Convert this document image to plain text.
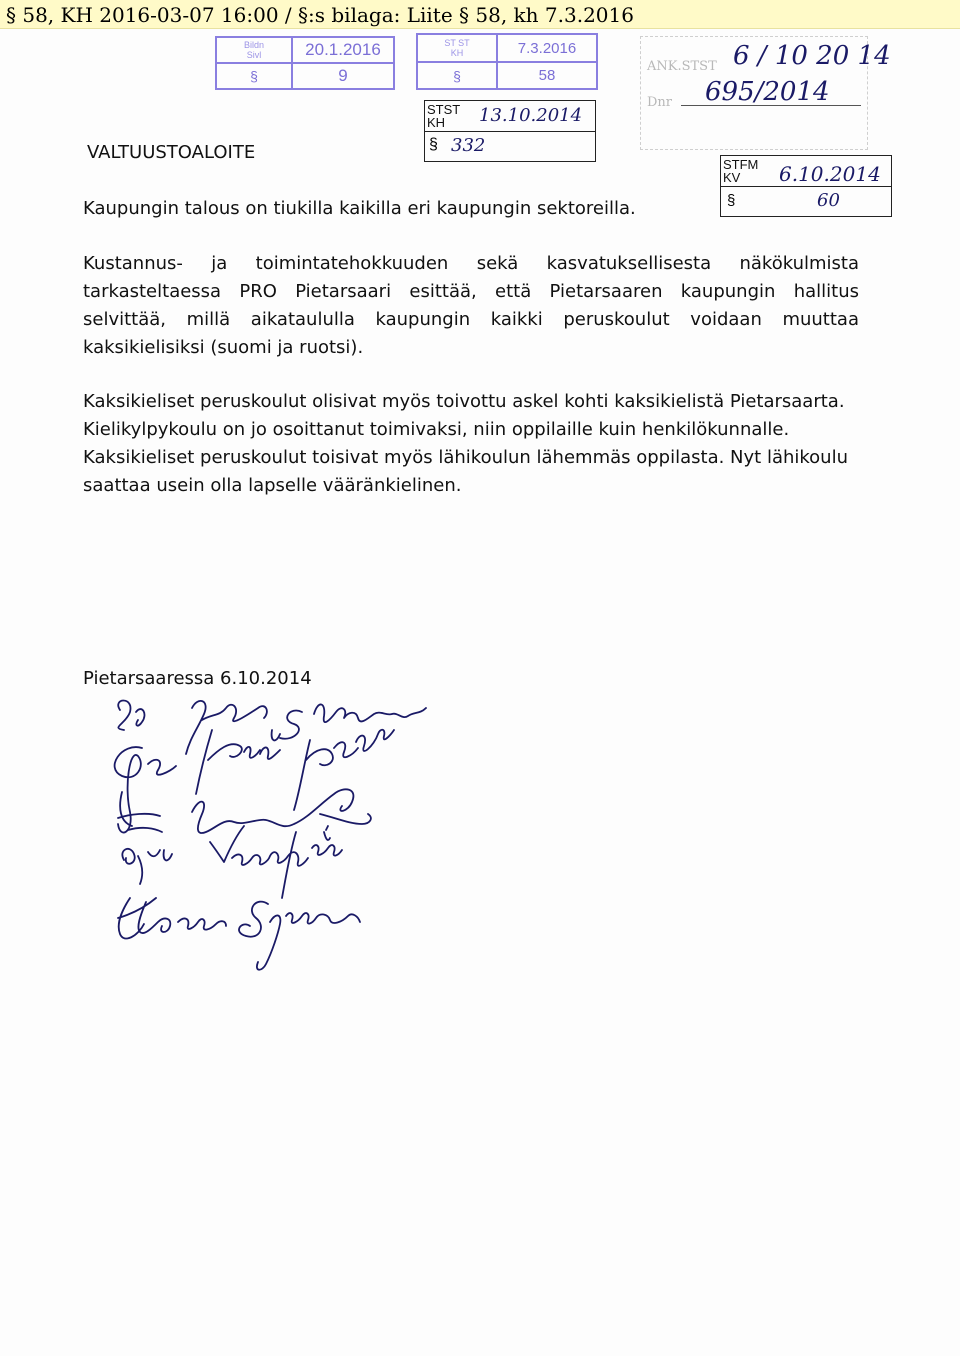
§ 58, KH 2016-03-07 16:00 / §:s bilaga: Liite § 58, kh 7.3.2016
Bildn
Sivl	20.1.2016
§	9
ST ST
KH	7.3.2016
§	58
ANK.STST
Dnr
6 / 10 20 14
695/2014
STST
KH	13.10.2014
§ 332
STFM
KV	6.10.2014
§	60
VALTUUSTOALOITE
Kaupungin talous on tiukilla kaikilla eri kaupungin sektoreilla.
Kustannus- ja toimintatehokkuuden sekä kasvatuksellisesta näkökulmista
tarkasteltaessa PRO Pietarsaari esittää, että Pietarsaaren kaupungin hallitus
selvittää, millä aikataululla kaupungin kaikki peruskoulut voidaan muuttaa
kaksikielisiksi (suomi ja ruotsi).
Kaksikieliset peruskoulut olisivat myös toivottu askel kohti kaksikielistä Pietarsaarta.
Kielikylpykoulu on jo osoittanut toimivaksi, niin oppilaille kuin henkilökunnalle.
Kaksikieliset peruskoulut toisivat myös lähikoulun lähemmäs oppilasta. Nyt lähikoulu
saattaa usein olla lapselle vääränkielinen.
Pietarsaaressa 6.10.2014
